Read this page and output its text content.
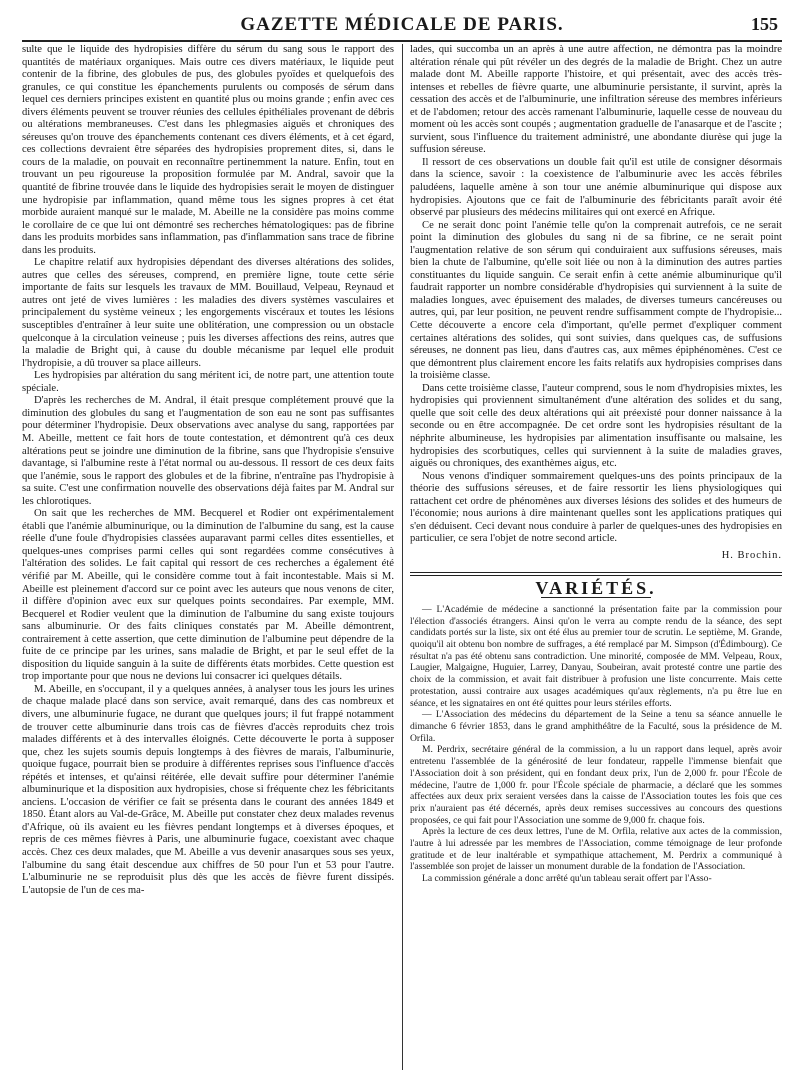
GAZETTE MÉDICALE DE PARIS.	155

sulte que le liquide des hydropisies diffère du sérum du sang sous le rapport des quantités de matériaux organiques. Mais outre ces divers matériaux, le liquide peut contenir de la fibrine, des globules de pus, des globules pyoïdes et quelquefois des granules, ce qui constitue les épanchements purulents ou composés de sérum dans lequel ces derniers principes existent en quantité plus ou moins grande ; enfin avec ces divers éléments peuvent se trouver réunies des cellules épithéliales provenant de débris ou altérations membraneuses. C'est dans les phlegmasies aiguës et chroniques des séreuses qu'on trouve des épanchements contenant ces divers éléments, et à cet égard, ces collections devraient être séparées des hydropisies proprement dites, si, dans le cours de la maladie, on pouvait en reconnaître pertinemment la nature. Enfin, tout en trouvant un peu rigoureuse la proposition formulée par M. Andral, savoir que la quantité de fibrine trouvée dans le liquide des hydropisies serait le moyen de distinguer une hydropisie par inflammation, quand même tous les signes propres à cet état morbide auraient manqué sur le malade, M. Abeille ne la considère pas moins comme le corollaire de ce que lui ont démontré ses recherches hématologiques: pas de fibrine dans les produits morbides sans inflammation, pas d'inflammation sans trace de fibrine dans les produits.

Le chapitre relatif aux hydropisies dépendant des diverses altérations des solides, autres que celles des séreuses, comprend, en première ligne, toute cette série importante de faits sur lesquels les travaux de MM. Bouillaud, Velpeau, Reynaud et autres ont jeté de vives lumières : les maladies des divers systèmes vasculaires et principalement du système veineux ; les engorgements viscéraux et toutes les lésions susceptibles d'entraîner à leur suite une oblitération, une compression ou un obstacle quelconque à la circulation veineuse ; puis les diverses affections des reins, autres que la maladie de Bright qui, à cause du double mécanisme par lequel elle produit l'hydropisie, a dû trouver sa place ailleurs.

Les hydropisies par altération du sang méritent ici, de notre part, une attention toute spéciale.

D'après les recherches de M. Andral, il était presque complétement prouvé que la diminution des globules du sang et l'augmentation de son eau ne sont pas suffisantes pour déterminer l'hydropisie. Deux observations avec analyse du sang, rapportées par M. Abeille, mettent ce fait hors de toute contestation, et démontrent qu'à ces deux altérations peut se joindre une diminution de la fibrine, sans que l'hydropisie s'ensuive davantage, si l'albumine reste à l'état normal ou au-dessous. Il ressort de ces deux faits que l'anémie, sous le rapport des globules et de la fibrine, n'entraîne pas l'hydropisie à sa suite. C'est une confirmation nouvelle des observations déjà faites par M. Andral sur les chlorotiques.

On sait que les recherches de MM. Becquerel et Rodier ont expérimentalement établi que l'anémie albuminurique, ou la diminution de l'albumine du sang, est la cause réelle d'une foule d'hydropisies classées auparavant parmi celles dites essentielles, et quelques-unes comprises parmi celles qui sont regardées comme consécutives à l'altération des solides. Le fait capital qui ressort de ces recherches a également été vérifié par M. Abeille, qui le considère comme tout à fait incontestable. Mais si M. Abeille est pleinement d'accord sur ce point avec les auteurs que nous venons de citer, il diffère d'opinion avec eux sur quelques points secondaires. Par exemple, MM. Becquerel et Rodier veulent que la diminution de l'albumine du sang existe toujours sans albuminurie. Or des faits cliniques constatés par M. Abeille démontrent, contrairement à cette assertion, que cette diminution de l'albumine peut dépendre de la fuite de ce principe par les urines, sans maladie de Bright, et par le seul effet de la disposition du liquide sanguin à la suite de différents états morbides. Cette question est trop importante pour que nous ne devions lui consacrer ici quelques détails.

M. Abeille, en s'occupant, il y a quelques années, à analyser tous les jours les urines de chaque malade placé dans son service, avait remarqué, dans des cas nombreux et divers, une albuminurie fugace, ne durant que quelques jours; il fut frappé notamment de trouver cette albuminurie dans trois cas de fièvres d'accès reproduits chez trois malades différents et à des intervalles éloignés. Cette découverte le porta à supposer que, chez les sujets soumis depuis longtemps à des fièvres de marais, l'albuminurie, quoique fugace, pourrait bien se produire à différentes reprises sous l'influence d'accès répétés et intenses, et qu'ainsi réitérée, elle devait suffire pour déterminer l'anémie albuminurique et la disposition aux hydropisies, chose si fréquente chez les fébricitants anciens. L'occasion de vérifier ce fait se présenta dans le courant des années 1849 et 1850. Étant alors au Val-de-Grâce, M. Abeille put constater chez deux malades revenus d'Afrique, où ils avaient eu les fièvres pendant longtemps et à diverses époques, et repris de ces mêmes fièvres à Paris, une albuminurie fugace, coexistant avec chaque accès. Chez ces deux malades, que M. Abeille a vus devenir anasarques sous ses yeux, l'albumine du sang était descendue aux chiffres de 50 pour l'un et 53 pour l'autre. L'albuminurie ne se reproduisit plus dès que les accès de fièvre furent dissipés. L'autopsie de l'un de ces ma-

lades, qui succomba un an après à une autre affection, ne démontra pas la moindre altération rénale qui pût révéler un des degrés de la maladie de Bright. Chez un autre malade dont M. Abeille rapporte l'histoire, et qui présentait, avec des accès très-intenses et rebelles de fièvre quarte, une albuminurie persistante, il survint, après la cessation des accès et de l'albuminurie, une infiltration séreuse des membres inférieurs et de l'abdomen; retour des accès ramenant l'albuminurie, laquelle cesse de nouveau du moment où les accès sont coupés ; augmentation graduelle de l'anasarque et de l'ascite ; survient, sous l'influence du traitement administré, une abondante diurèse qui juge la suffusion séreuse.

Il ressort de ces observations un double fait qu'il est utile de consigner désormais dans la science, savoir : la coexistence de l'albuminurie avec les accès fébriles paludéens, laquelle amène à son tour une anémie albuminurique qui dispose aux hydropisies. Ajoutons que ce fait de l'albuminurie des fébricitants paraît avoir été observé par plusieurs des médecins militaires qui ont exercé en Afrique.

Ce ne serait donc point l'anémie telle qu'on la comprenait autrefois, ce ne serait point la diminution des globules du sang ni de sa fibrine, ce ne serait point l'augmentation relative de son sérum qui conduiraient aux suffusions séreuses, mais bien la chute de l'albumine, qu'elle soit liée ou non à la diminution des autres parties constituantes du liquide sanguin. Ce serait enfin à cette anémie albuminurique qu'il faudrait rapporter un nombre considérable d'hydropisies qui surviennent à la suite de maladies longues, avec épuisement des malades, de diverses tumeurs cancéreuses ou autres, qui, par leur position, ne peuvent rendre suffisamment compte de l'hydropisie... Cette découverte a encore cela d'important, qu'elle permet d'expliquer comment certaines altérations des solides, qui sont suivies, dans quelques cas, de suffusions séreuses, ne donnent pas lieu, dans d'autres cas, aux mêmes épiphénomènes. C'est ce que démontrent plus clairement encore les faits relatifs aux hydropisies comprises dans la troisième classe.

Dans cette troisième classe, l'auteur comprend, sous le nom d'hydropisies mixtes, les hydropisies qui proviennent simultanément d'une altération des solides et du sang, quelle que soit celle des deux altérations qui ait préexisté pour donner naissance à la seconde ou en être accompagnée. De cet ordre sont les hydropisies résultant de la néphrite albumineuse, les hydropisies par alimentation insuffisante ou malsaine, les hydropisies des scorbutiques, celles qui surviennent à la suite de maladies graves, aiguës ou chroniques, des exanthèmes aigus, etc.

Nous venons d'indiquer sommairement quelques-uns des points principaux de la théorie des suffusions séreuses, et de faire ressortir les liens physiologiques qui rattachent cet ordre de phénomènes aux diverses lésions des solides et des humeurs de l'économie; nous aurions à dire maintenant quelles sont les applications pratiques qui s'en déduisent. Ceci devant nous conduire à parler de quelques-unes des hydropisies en particulier, ce sera l'objet de notre second article.

H. Brochin.
VARIÉTÉS.

— L'Académie de médecine a sanctionné la présentation faite par la commission pour l'élection d'associés étrangers. Ainsi qu'on le verra au compte rendu de la séance, des sept candidats portés sur la liste, six ont été élus au premier tour de scrutin. Le septième, M. Grande, quoiqu'il ait obtenu bon nombre de suffrages, a été remplacé par M. Simpson (d'Édimbourg). Ce résultat n'a pas été obtenu sans contradiction. Une minorité, composée de MM. Velpeau, Roux, Laugier, Malgaigne, Huguier, Larrey, Danyau, Soubeiran, avait protesté contre une partie des choix de la commission, et avait fait distribuer à profusion une liste concurrente. Mais cette protestation, aussi contraire aux usages académiques qu'aux règlements, n'a pu être lue en séance, et les signataires en ont été quittes pour leurs stériles efforts.

— L'Association des médecins du département de la Seine a tenu sa séance annuelle le dimanche 6 février 1853, dans le grand amphithéâtre de la Faculté, sous la présidence de M. Orfila.

M. Perdrix, secrétaire général de la commission, a lu un rapport dans lequel, après avoir entretenu l'assemblée de la générosité de leur fondateur, rappelle l'immense bienfait que l'Association doit à son président, qui en fondant deux prix, l'un de 2,000 fr. pour l'École de médecine, l'autre de 1,000 fr. pour l'École spéciale de pharmacie, a déclaré que les sommes affectées aux deux prix seraient versées dans la caisse de l'Association toutes les fois que ces prix n'auraient pas été décernés, après deux remises successives au concours des questions proposées, ce qui fait pour l'Association une somme de 9,000 fr. chaque fois.

Après la lecture de ces deux lettres, l'une de M. Orfila, relative aux actes de la commission, l'autre à lui adressée par les membres de l'Association, comme témoignage de leur profonde gratitude et de leur inaltérable et sympathique attachement, M. Perdrix a communiqué à l'assemblée son projet de laisser un monument durable de la fondation de l'Association.

La commission générale a donc arrêté qu'un tableau serait offert par l'Asso-
